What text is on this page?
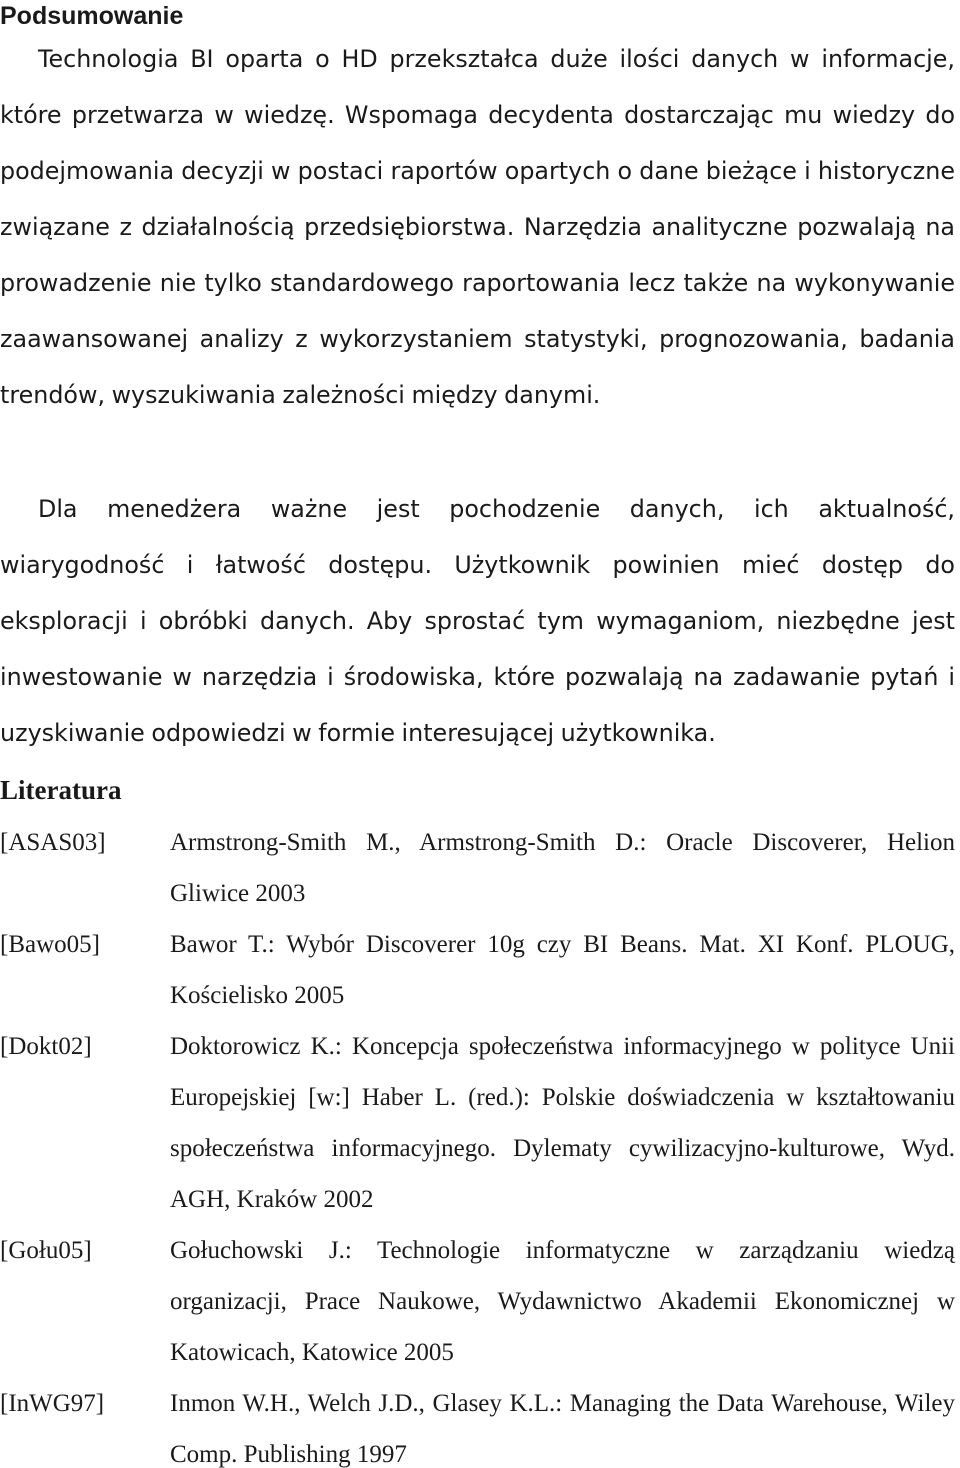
Podsumowanie

Technologia BI oparta o HD przekształca duże ilości danych w informacje, które przetwarza w wiedzę. Wspomaga decydenta dostarczając mu wiedzy do podejmowania decyzji w postaci raportów opartych o dane bieżące i historyczne związane z działalnością przedsiębiorstwa. Narzędzia analityczne pozwalają na prowadzenie nie tylko standardowego raportowania lecz także na wykonywanie zaawansowanej analizy z wykorzystaniem statystyki, prognozowania, badania trendów, wyszukiwania zależności między danymi.

Dla menedżera ważne jest pochodzenie danych, ich aktualność, wiarygodność i łatwość dostępu. Użytkownik powinien mieć dostęp do eksploracji i obróbki danych. Aby sprostać tym wymaganiom, niezbędne jest inwestowanie w narzędzia i środowiska, które pozwalają na zadawanie pytań i uzyskiwanie odpowiedzi w formie interesującej użytkownika.

Literatura
[ASAS03]	Armstrong-Smith M., Armstrong-Smith D.: Oracle Discoverer, Helion Gliwice 2003
[Bawo05]	Bawor T.: Wybór Discoverer 10g czy BI Beans. Mat. XI Konf. PLOUG, Kościelisko 2005
[Dokt02]	Doktorowicz K.: Koncepcja społeczeństwa informacyjnego w polityce Unii Europejskiej [w:] Haber L. (red.): Polskie doświadczenia w kształtowaniu społeczeństwa informacyjnego. Dylematy cywilizacyjno-kulturowe, Wyd. AGH, Kraków 2002
[Gołu05]	Gołuchowski J.: Technologie informatyczne w zarządzaniu wiedzą organizacji, Prace Naukowe, Wydawnictwo Akademii Ekonomicznej w Katowicach, Katowice 2005
[InWG97]	Inmon W.H., Welch J.D., Glasey K.L.: Managing the Data Warehouse, Wiley Comp. Publishing 1997
